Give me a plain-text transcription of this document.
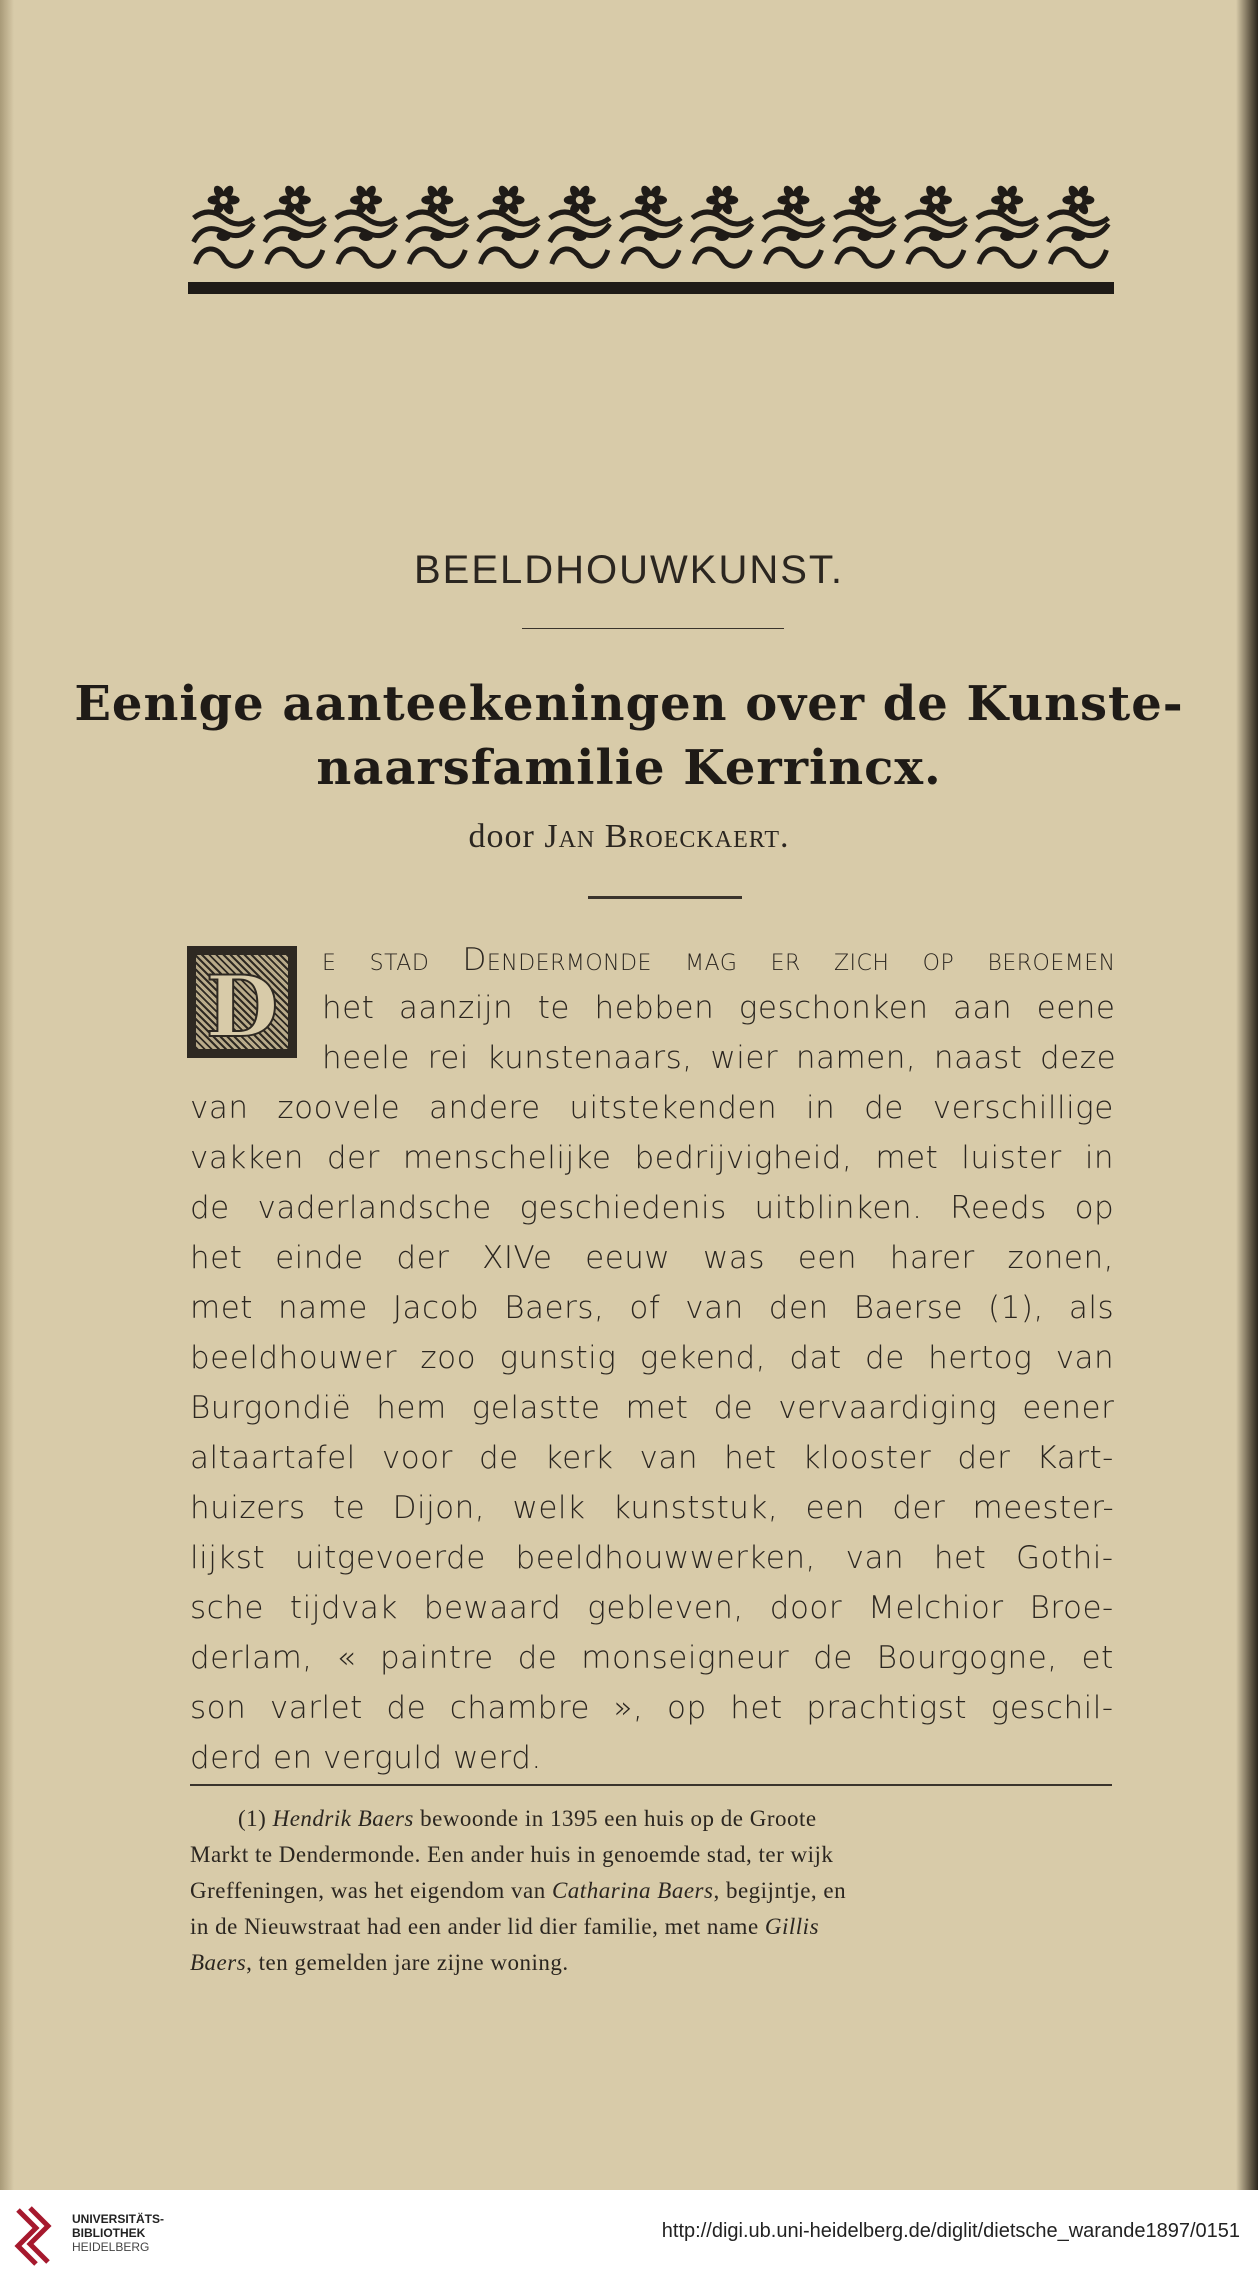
BEELDHOUWKUNST.
Eenige aanteekeningen over de Kunste-
naarsfamilie Kerrincx.
door Jan Broeckaert.
D	e stad Dendermonde mag er zich op beroemen
het aanzijn te hebben geschonken aan eene
heele rei kunstenaars, wier namen, naast deze
van zoovele andere uitstekenden in de verschillige
vakken der menschelijke bedrijvigheid, met luister in
de vaderlandsche geschiedenis uitblinken. Reeds op
het einde der XIVe eeuw was een harer zonen,
met name Jacob Baers, of van den Baerse (1), als
beeldhouwer zoo gunstig gekend, dat de hertog van
Burgondië hem gelastte met de vervaardiging eener
altaartafel voor de kerk van het klooster der Kart-
huizers te Dijon, welk kunststuk, een der meester-
lijkst uitgevoerde beeldhouwwerken, van het Gothi-
sche tijdvak bewaard gebleven, door Melchior Broe-
derlam, « paintre de monseigneur de Bourgogne, et
son varlet de chambre », op het prachtigst geschil-
derd en verguld werd.
(1) Hendrik Baers bewoonde in 1395 een huis op de Groote
Markt te Dendermonde. Een ander huis in genoemde stad, ter wijk
Greffeningen, was het eigendom van Catharina Baers, begijntje, en
in de Nieuwstraat had een ander lid dier familie, met name Gillis
Baers, ten gemelden jare zijne woning.
UNIVERSITÄTS-
BIBLIOTHEK
HEIDELBERG
http://digi.ub.uni-heidelberg.de/diglit/dietsche_warande1897/0151
